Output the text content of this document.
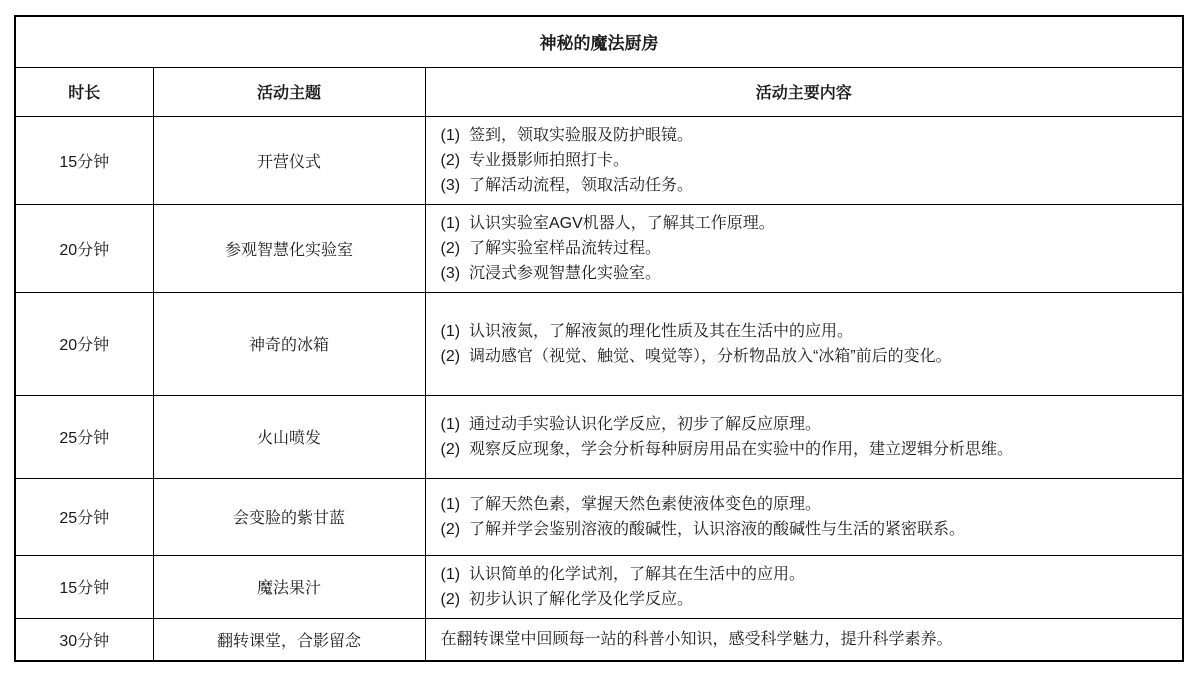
神秘的魔法厨房		
时长	活动主题	活动主要内容
15分钟	开营仪式	(1)  签到，领取实验服及防护眼镜。
(2)  专业摄影师拍照打卡。
(3)  了解活动流程，领取活动任务。

20分钟	参观智慧化实验室	(1)  认识实验室AGV机器人，了解其工作原理。
(2)  了解实验室样品流转过程。
(3)  沉浸式参观智慧化实验室。

20分钟	神奇的冰箱	(1)  认识液氮，了解液氮的理化性质及其在生活中的应用。
(2)  调动感官（视觉、触觉、嗅觉等），分析物品放入“冰箱”前后的变化。

25分钟	火山喷发	(1)  通过动手实验认识化学反应，初步了解反应原理。
(2)  观察反应现象，学会分析每种厨房用品在实验中的作用，建立逻辑分析思维。

25分钟	会变脸的紫甘蓝	(1)  了解天然色素，掌握天然色素使液体变色的原理。
(2)  了解并学会鉴别溶液的酸碱性，认识溶液的酸碱性与生活的紧密联系。

15分钟	魔法果汁	(1)  认识简单的化学试剂，了解其在生活中的应用。
(2)  初步认识了解化学及化学反应。

30分钟	翻转课堂，合影留念	在翻转课堂中回顾每一站的科普小知识，感受科学魅力，提升科学素养。
